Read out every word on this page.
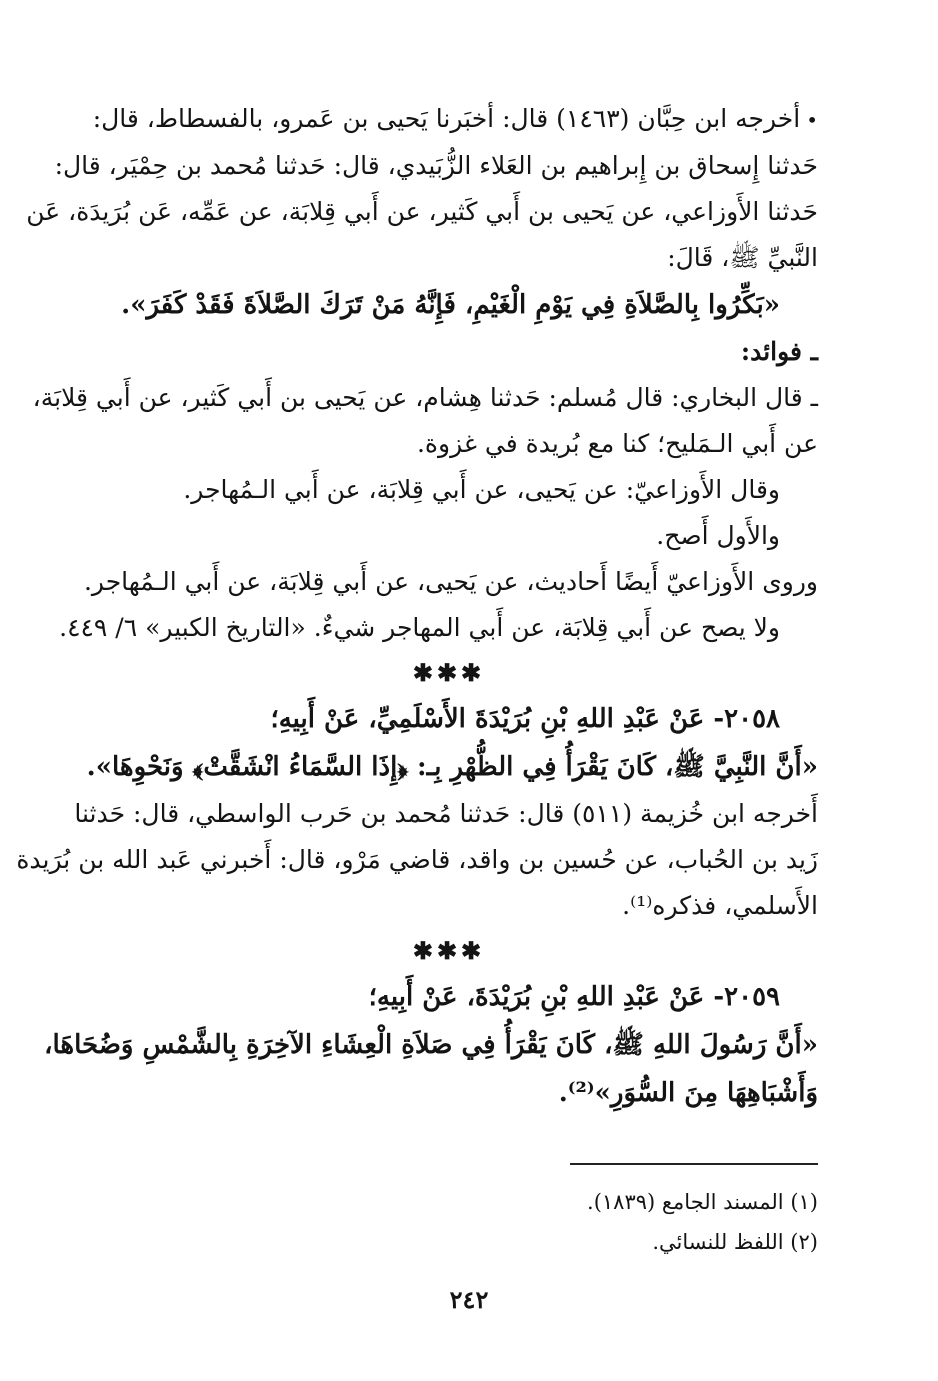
•أخرجه ابن حِبَّان (١٤٦٣) قال: أخبَرنا يَحيى بن عَمرو، بالفسطاط، قال:
حَدثنا إِسحاق بن إِبراهيم بن العَلاء الزُّبَيدي، قال: حَدثنا مُحمد بن حِمْيَر، قال:
حَدثنا الأَوزاعي، عن يَحيى بن أَبي كَثير، عن أَبي قِلابَة، عن عَمِّه، عَن بُرَيدَة، عَن
النَّبيِّ ﷺ، قَالَ:
«بَكِّرُوا بِالصَّلاَةِ فِي يَوْمِ الْغَيْمِ، فَإِنَّهُ مَنْ تَرَكَ الصَّلاَةَ فَقَدْ كَفَرَ».
ـ فوائد:
ـ قال البخاري: قال مُسلم: حَدثنا هِشام، عن يَحيى بن أَبي كَثير، عن أَبي قِلابَة،
عن أَبي الـمَليح؛ كنا مع بُريدة في غزوة.
وقال الأَوزاعيّ: عن يَحيى، عن أَبي قِلابَة، عن أَبي الـمُهاجر.
والأَول أَصح.
وروى الأَوزاعيّ أَيضًا أَحاديث، عن يَحيى، عن أَبي قِلابَة، عن أَبي الـمُهاجر.
ولا يصح عن أَبي قِلابَة، عن أَبي المهاجر شيءٌ. «التاريخ الكبير» ٦/ ٤٤٩.
✱✱✱
٢٠٥٨- عَنْ عَبْدِ اللهِ بْنِ بُرَيْدَةَ الأَسْلَمِيِّ، عَنْ أَبِيهِ؛
«أَنَّ النَّبِيَّ ﷺ، كَانَ يَقْرَأُ فِي الظُّهْرِ بِـ: ﴿إِذَا السَّمَاءُ انْشَقَّتْ﴾ وَنَحْوِهَا».
أَخرجه ابن خُزيمة (٥١١) قال: حَدثنا مُحمد بن حَرب الواسطي، قال: حَدثنا
زَيد بن الحُباب، عن حُسين بن واقد، قاضي مَرْو، قال: أَخبرني عَبد الله بن بُرَيدة
الأَسلمي، فذكره⁽¹⁾.
✱✱✱
٢٠٥٩- عَنْ عَبْدِ اللهِ بْنِ بُرَيْدَةَ، عَنْ أَبِيهِ؛
«أَنَّ رَسُولَ اللهِ ﷺ، كَانَ يَقْرَأُ فِي صَلاَةِ الْعِشَاءِ الآخِرَةِ بِالشَّمْسِ وَضُحَاهَا،
وَأَشْبَاهِهَا مِنَ السُّوَرِ»⁽²⁾.
(١) المسند الجامع (١٨٣٩).
(٢) اللفظ للنسائي.
٢٤٢
